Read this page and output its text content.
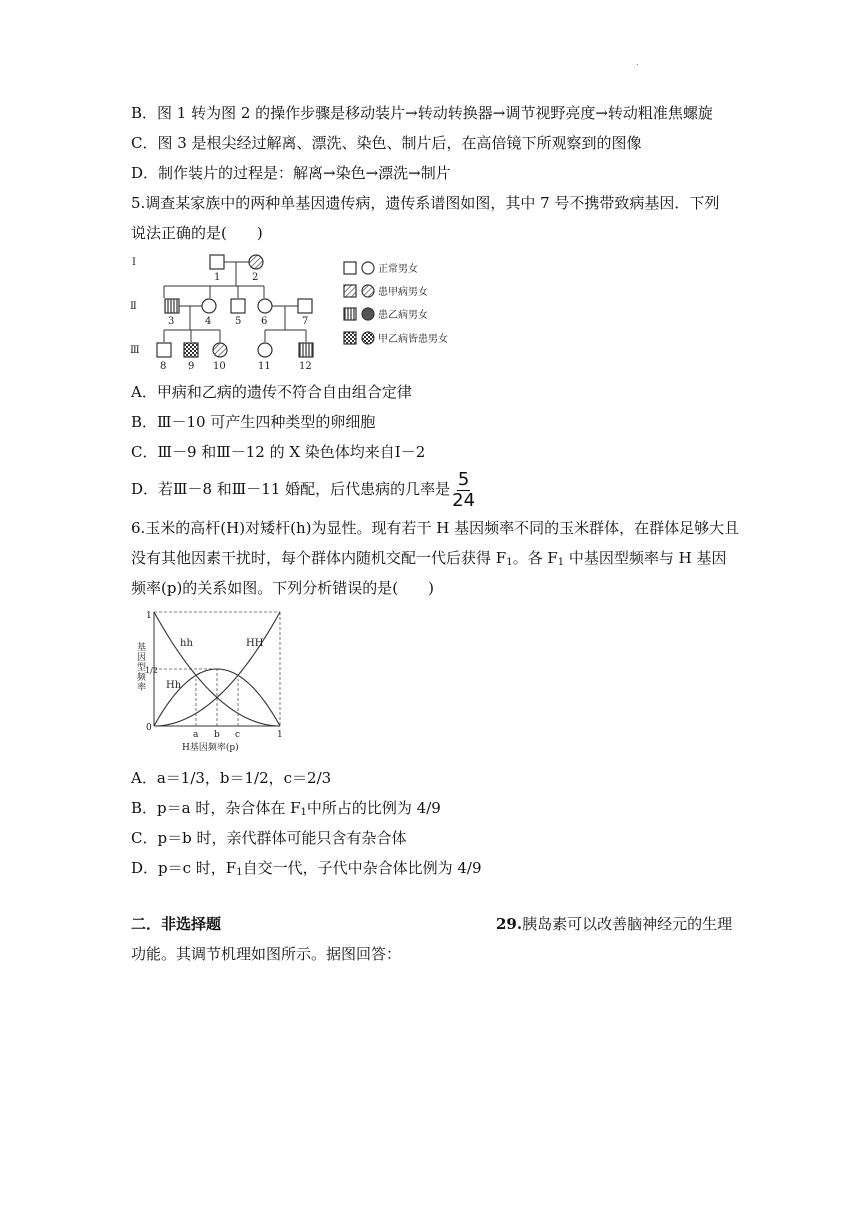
.
B．图 1 转为图 2 的操作步骤是移动装片→转动转换器→调节视野亮度→转动粗准焦螺旋
C．图 3 是根尖经过解离、漂洗、染色、制片后，在高倍镜下所观察到的图像
D．制作装片的过程是：解离→染色→漂洗→制片
5.调查某家族中的两种单基因遗传病，遗传系谱图如图，其中 7 号不携带致病基因．下列
说法正确的是(　　)
Ⅰ
Ⅱ
Ⅲ
1	2
3	4 5 6	7
8 9 10	11	12
正常男女
患甲病男女
患乙病男女
甲乙病皆患男女
A．甲病和乙病的遗传不符合自由组合定律
B．Ⅲ－10 可产生四种类型的卵细胞
C．Ⅲ－9 和Ⅲ－12 的 X 染色体均来自Ⅰ－2
D．若Ⅲ－8 和Ⅲ－11 婚配，后代患病的几率是 $\frac{5}{24}$
6.玉米的高杆(H)对矮杆(h)为显性。现有若干 H 基因频率不同的玉米群体，在群体足够大且
没有其他因素干扰时，每个群体内随机交配一代后获得 $F_1$。各 $F_1$ 中基因型频率与 H 基因
频率(p)的关系如图。下列分析错误的是(　　)
hh	HH
Hh
1
1/2
0
a b c	1
H基因频率(p)
基因型频率
A．a＝1/3，b＝1/2，c＝2/3
B．p＝a 时，杂合体在 $F_1$中所占的比例为 4/9
C．p＝b 时，亲代群体可能只含有杂合体
D．p＝c 时，$F_1$自交一代，子代中杂合体比例为 4/9
二．非选择题	29.胰岛素可以改善脑神经元的生理
功能。其调节机理如图所示。据图回答：
